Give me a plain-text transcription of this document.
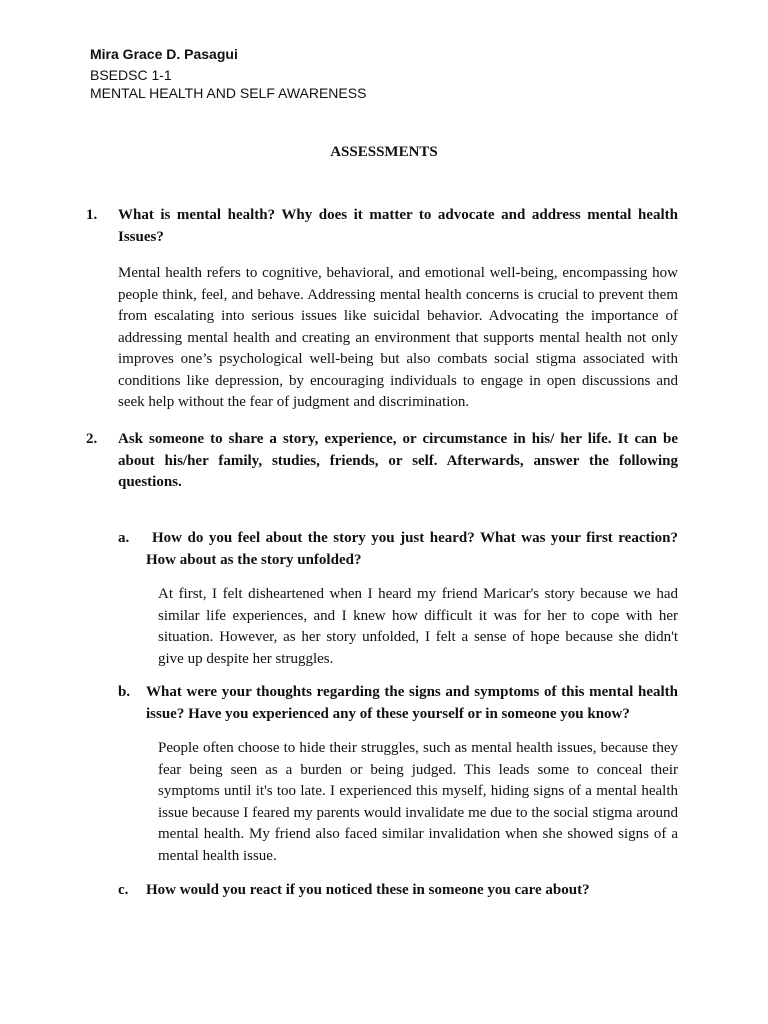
Mira Grace D. Pasagui
BSEDSC 1-1
MENTAL HEALTH AND SELF AWARENESS
ASSESSMENTS
1. What is mental health? Why does it matter to advocate and address mental health Issues?
Mental health refers to cognitive, behavioral, and emotional well-being, encompassing how people think, feel, and behave. Addressing mental health concerns is crucial to prevent them from escalating into serious issues like suicidal behavior. Advocating the importance of addressing mental health and creating an environment that supports mental health not only improves one’s psychological well-being but also combats social stigma associated with conditions like depression, by encouraging individuals to engage in open discussions and seek help without the fear of judgment and discrimination.
2. Ask someone to share a story, experience, or circumstance in his/ her life. It can be about his/her family, studies, friends, or self. Afterwards, answer the following questions.
a.	How do you feel about the story you just heard? What was your first reaction? How about as the story unfolded?
At first, I felt disheartened when I heard my friend Maricar's story because we had similar life experiences, and I knew how difficult it was for her to cope with her situation. However, as her story unfolded, I felt a sense of hope because she didn't give up despite her struggles.
b. What were your thoughts regarding the signs and symptoms of this mental health issue? Have you experienced any of these yourself or in someone you know?
People often choose to hide their struggles, such as mental health issues, because they fear being seen as a burden or being judged. This leads some to conceal their symptoms until it's too late. I experienced this myself, hiding signs of a mental health issue because I feared my parents would invalidate me due to the social stigma around mental health. My friend also faced similar invalidation when she showed signs of a mental health issue.
c. How would you react if you noticed these in someone you care about?
